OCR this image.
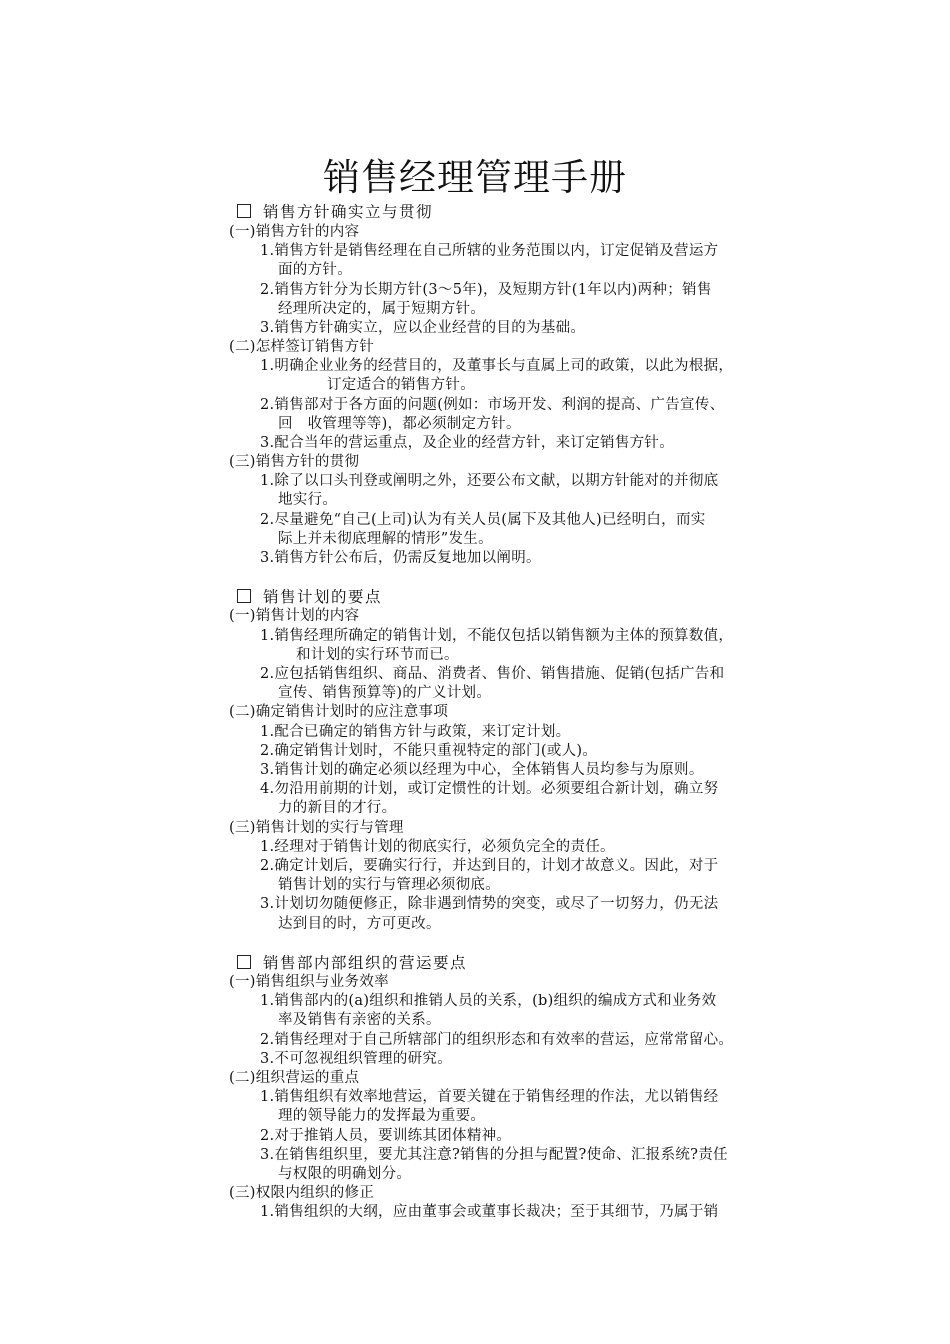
销售经理管理手册
销售方针确实立与贯彻
(一)销售方针的内容
1.销售方针是销售经理在自己所辖的业务范围以内，订定促销及营运方
面的方针。
2.销售方针分为长期方针(3～5年)，及短期方针(1年以内)两种；销售
经理所决定的，属于短期方针。
3.销售方针确实立，应以企业经营的目的为基础。
(二)怎样签订销售方针
1.明确企业业务的经营目的，及董事长与直属上司的政策，以此为根据，
订定适合的销售方针。
2.销售部对于各方面的问题(例如：市场开发、利润的提高、广告宣传、
回　收管理等等)，都必须制定方针。
3.配合当年的营运重点，及企业的经营方针，来订定销售方针。
(三)销售方针的贯彻
1.除了以口头刊登或阐明之外，还要公布文献，以期方针能对的并彻底
地实行。
2.尽量避免“自己(上司)认为有关人员(属下及其他人)已经明白，而实
际上并未彻底理解的情形”发生。
3.销售方针公布后，仍需反复地加以阐明。
销售计划的要点
(一)销售计划的内容
1.销售经理所确定的销售计划，不能仅包括以销售额为主体的预算数值，
和计划的实行环节而已。
2.应包括销售组织、商品、消费者、售价、销售措施、促销(包括广告和
宣传、销售预算等)的广义计划。
(二)确定销售计划时的应注意事项
1.配合已确定的销售方针与政策，来订定计划。
2.确定销售计划时，不能只重视特定的部门(或人)。
3.销售计划的确定必须以经理为中心，全体销售人员均参与为原则。
4.勿沿用前期的计划，或订定惯性的计划。必须要组合新计划，确立努
力的新目的才行。
(三)销售计划的实行与管理
1.经理对于销售计划的彻底实行，必须负完全的责任。
2.确定计划后，要确实行行，并达到目的，计划才故意义。因此，对于
销售计划的实行与管理必须彻底。
3.计划切勿随便修正，除非遇到情势的突变，或尽了一切努力，仍无法
达到目的时，方可更改。
销售部内部组织的营运要点
(一)销售组织与业务效率
1.销售部内的(a)组织和推销人员的关系，(b)组织的编成方式和业务效
率及销售有亲密的关系。
2.销售经理对于自己所辖部门的组织形态和有效率的营运，应常常留心。
3.不可忽视组织管理的研究。
(二)组织营运的重点
1.销售组织有效率地营运，首要关键在于销售经理的作法，尤以销售经
理的领导能力的发挥最为重要。
2.对于推销人员，要训练其团体精神。
3.在销售组织里，要尤其注意?销售的分担与配置?使命、汇报系统?责任
与权限的明确划分。
(三)权限内组织的修正
1.销售组织的大纲，应由董事会或董事长裁决；至于其细节，乃属于销
